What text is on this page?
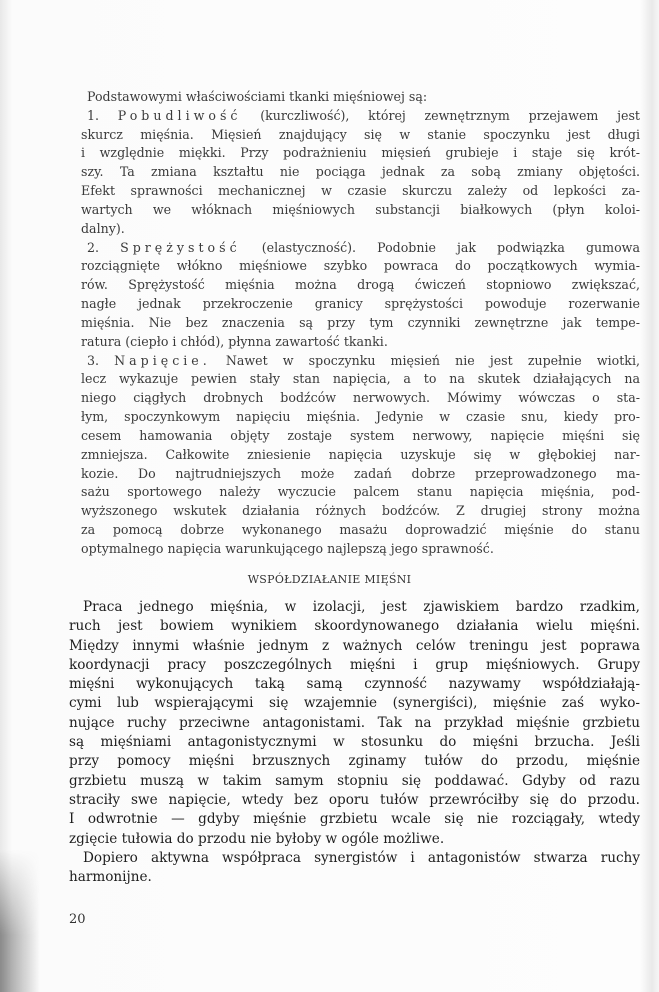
Podstawowymi właściwościami tkanki mięśniowej są:
1. Pobudliwość (kurczliwość), której zewnętrznym przejawem jest
skurcz mięśnia. Mięsień znajdujący się w stanie spoczynku jest długi
i względnie miękki. Przy podrażnieniu mięsień grubieje i staje się krót-
szy. Ta zmiana kształtu nie pociąga jednak za sobą zmiany objętości.
Efekt sprawności mechanicznej w czasie skurczu zależy od lepkości za-
wartych we włóknach mięśniowych substancji białkowych (płyn koloi-
dalny).
2. Sprężystość (elastyczność). Podobnie jak podwiązka gumowa
rozciągnięte włókno mięśniowe szybko powraca do początkowych wymia-
rów. Sprężystość mięśnia można drogą ćwiczeń stopniowo zwiększać,
nagłe jednak przekroczenie granicy sprężystości powoduje rozerwanie
mięśnia. Nie bez znaczenia są przy tym czynniki zewnętrzne jak tempe-
ratura (ciepło i chłód), płynna zawartość tkanki.
3. Napięcie. Nawet w spoczynku mięsień nie jest zupełnie wiotki,
lecz wykazuje pewien stały stan napięcia, a to na skutek działających na
niego ciągłych drobnych bodźców nerwowych. Mówimy wówczas o sta-
łym, spoczynkowym napięciu mięśnia. Jedynie w czasie snu, kiedy pro-
cesem hamowania objęty zostaje system nerwowy, napięcie mięśni się
zmniejsza. Całkowite zniesienie napięcia uzyskuje się w głębokiej nar-
kozie. Do najtrudniejszych może zadań dobrze przeprowadzonego ma-
sażu sportowego należy wyczucie palcem stanu napięcia mięśnia, pod-
wyższonego wskutek działania różnych bodźców. Z drugiej strony można
za pomocą dobrze wykonanego masażu doprowadzić mięśnie do stanu
optymalnego napięcia warunkującego najlepszą jego sprawność.
WSPÓŁDZIAŁANIE MIĘŚNI
Praca jednego mięśnia, w izolacji, jest zjawiskiem bardzo rzadkim,
ruch jest bowiem wynikiem skoordynowanego działania wielu mięśni.
Między innymi właśnie jednym z ważnych celów treningu jest poprawa
koordynacji pracy poszczególnych mięśni i grup mięśniowych. Grupy
mięśni wykonujących taką samą czynność nazywamy współdziałają-
cymi lub wspierającymi się wzajemnie (synergiści), mięśnie zaś wyko-
nujące ruchy przeciwne antagonistami. Tak na przykład mięśnie grzbietu
są mięśniami antagonistycznymi w stosunku do mięśni brzucha. Jeśli
przy pomocy mięśni brzusznych zginamy tułów do przodu, mięśnie
grzbietu muszą w takim samym stopniu się poddawać. Gdyby od razu
straciły swe napięcie, wtedy bez oporu tułów przewróciłby się do przodu.
I odwrotnie — gdyby mięśnie grzbietu wcale się nie rozciągały, wtedy
zgięcie tułowia do przodu nie byłoby w ogóle możliwe.
Dopiero aktywna współpraca synergistów i antagonistów stwarza ruchy
harmonijne.
20
